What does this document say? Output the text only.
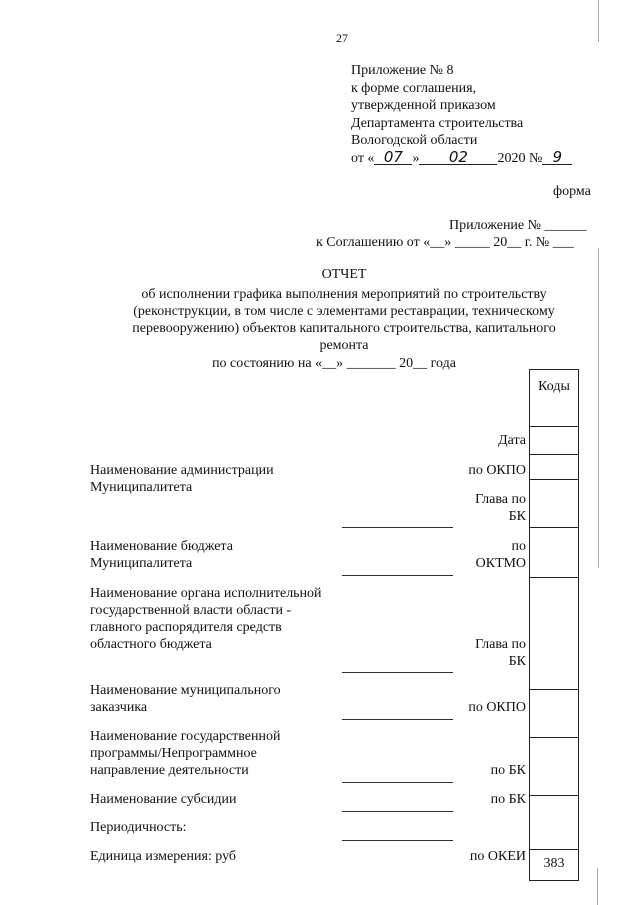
27
Приложение № 8
к форме соглашения,
утвержденной приказом
Департамента строительства
Вологодской области
от « 07 » 02 2020 № 9
форма
Приложение № ______
к Соглашению от «__» _____ 20__ г. № ___
ОТЧЕТ
об исполнении графика выполнения мероприятий по строительству
(реконструкции, в том числе с элементами реставрации, техническому
перевооружению) объектов капитального строительства, капитального
ремонта
по состоянию на «__» _______ 20__ года
Коды
383
Дата
по ОКПО
Глава по БК
по
ОКТМО
Глава по БК
по ОКПО
по БК
по БК
по ОКЕИ
Наименование администрации Муниципалитета
Наименование бюджета Муниципалитета
Наименование органа исполнительной государственной власти области - главного распорядителя средств областного бюджета
Наименование муниципального заказчика
Наименование государственной программы/Непрограммное направление деятельности
Наименование субсидии
Периодичность:
Единица измерения: руб
